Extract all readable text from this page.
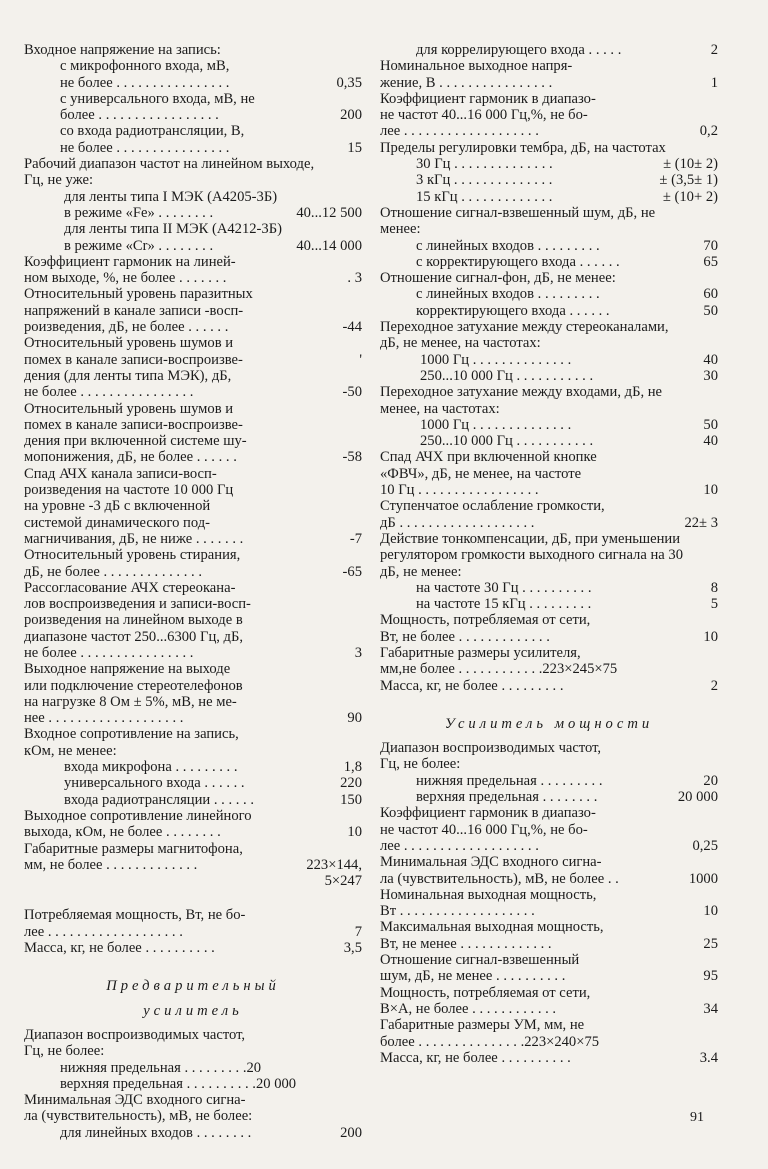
Входное напряжение на запись:
с микрофонного входа, мВ,
не более . . . . . . . . . . . . . . . .	0,35
с универсального входа, мВ, не
более . . . . . . . . . . . . . . . . .	200
со входа радиотрансляции, В,
не более . . . . . . . . . . . . . . . .	15
Рабочий диапазон частот на линейном выходе,
Гц, не уже:
для ленты типа I МЭК (А4205-3Б)
в режиме «Fe» . . . . . . . .	40...12 500
для ленты типа II МЭК (А4212-3Б)
в режиме «Cr» . . . . . . . .	40...14 000
Коэффициент гармоник на линей-
ном выходе, %, не более . . . . . . .	. 3
Относительный уровень паразитных
напряжений в канале записи -восп-
роизведения, дБ, не более . . . . . .	-44
Относительный уровень шумов и
помех в канале записи-воспроизве-	'
дения (для ленты типа МЭК), дБ,
не более . . . . . . . . . . . . . . . .	-50
Относительный уровень шумов и
помех в канале записи-воспроизве-
дения при включенной системе шу-
мопонижения, дБ, не более . . . . . .	-58
Спад АЧХ канала записи-восп-
роизведения на частоте 10 000 Гц
на уровне -3 дБ с включенной
системой динамического под-
магничивания, дБ, не ниже . . . . . . .	-7
Относительный уровень стирания,
дБ, не более . . . . . . . . . . . . . .	-65
Рассогласование АЧХ стереоканa-
лов воспроизведения и записи-восп-
роизведения на линейном выходе в
диапазоне частот 250...6300 Гц, дБ,
не более . . . . . . . . . . . . . . . .	3
Выходное напряжение на выходе
или подключение стереотелефонов
на нагрузке 8 Ом ± 5%, мВ, не ме-
нее . . . . . . . . . . . . . . . . . . .	90
Входное сопротивление на запись,
кОм, не менее:
входа микрофона . . . . . . . . .	1,8
универсального входа . . . . . .	220
входа радиотрансляции . . . . . .	150
Выходное сопротивление линейного
выхода, кОм, не более . . . . . . . .	10
Габаритные размеры магнитофона,
мм, не более . . . . . . . . . . . . .	223×144,
5×247
Потребляемая мощность, Вт, не бо-
лее . . . . . . . . . . . . . . . . . . .	7
Масса, кг, не более . . . . . . . . . .	3,5
Предварительный
усилитель
Диапазон воспроизводимых частот,
Гц, не более:
нижняя предельная . . . . . . . . .20
верхняя предельная . . . . . . . . . .20 000
Минимальная ЭДС входного сигна-
ла (чувствительность), мВ, не более:
для линейных входов . . . . . . . .	200
для коррелирующего входа . . . . .	2
Номинальное выходное напря-
жение, В . . . . . . . . . . . . . . . .	1
Коэффициент гармоник в диапазо-
не частот 40...16 000 Гц,%, не бо-
лее . . . . . . . . . . . . . . . . . . .	0,2
Пределы регулировки тембра, дБ, на частотах
30 Гц . . . . . . . . . . . . . .	± (10± 2)
3 кГц . . . . . . . . . . . . . .	± (3,5± 1)
15 кГц . . . . . . . . . . . . .	± (10+ 2)
Отношение сигнал-взвешенный шум, дБ, не
менее:
с линейных входов . . . . . . . . .	70
с корректирующего входа . . . . . .	65
Отношение сигнал-фон, дБ, не менее:
с линейных входов . . . . . . . . .	60
корректирующего входа . . . . . .	50
Переходное затухание между стереоканалами,
дБ, не менее, на частотах:
1000 Гц . . . . . . . . . . . . . .	40
250...10 000 Гц . . . . . . . . . . .	30
Переходное затухание между входами, дБ, не
менее, на частотах:
1000 Гц . . . . . . . . . . . . . .	50
250...10 000 Гц . . . . . . . . . . .	40
Спад АЧХ при включенной кнопке
«ФВЧ», дБ, не менее, на частоте
10 Гц . . . . . . . . . . . . . . . . .	10
Ступенчатое ослабление громкости,
дБ . . . . . . . . . . . . . . . . . . .	22± 3
Действие тонкомпенсации, дБ, при уменьшении
регулятором громкости выходного сигнала на 30
дБ, не менее:
на частоте 30 Гц . . . . . . . . . .	8
на частоте 15 кГц . . . . . . . . .	5
Мощность, потребляемая от сети,
Вт, не более . . . . . . . . . . . . .	10
Габаритные размеры усилителя,
мм,не более . . . . . . . . . . . .223×245×75
Масса, кг, не более . . . . . . . . .	2
Усилитель мощности
Диапазон воспроизводимых частот,
Гц, не более:
нижняя предельная . . . . . . . . .	20
верхняя предельная . . . . . . . .	20 000
Коэффициент гармоник в диапазо-
не частот 40...16 000 Гц,%, не бо-
лее . . . . . . . . . . . . . . . . . . .	0,25
Минимальная ЭДС входного сигна-
ла (чувствительность), мВ, не более . .	1000
Номинальная выходная мощность,
Вт . . . . . . . . . . . . . . . . . . .	10
Максимальная выходная мощность,
Вт, не менее . . . . . . . . . . . . .	25
Отношение сигнал-взвешенный
шум, дБ, не менее . . . . . . . . . .	95
Мощность, потребляемая от сети,
В×А, не более . . . . . . . . . . . .	34
Габаритные размеры УМ, мм, не
более . . . . . . . . . . . . . . .223×240×75
Масса, кг, не более . . . . . . . . . .	3.4
91
